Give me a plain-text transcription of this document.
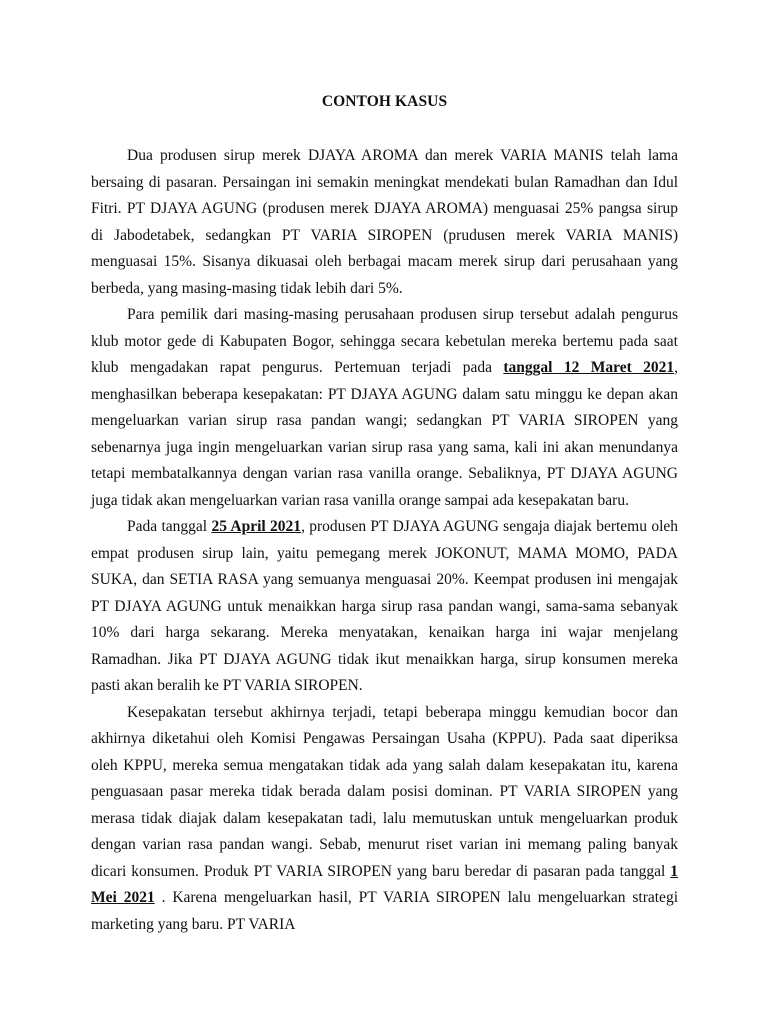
CONTOH KASUS

Dua produsen sirup merek DJAYA AROMA dan merek VARIA MANIS telah lama bersaing di pasaran. Persaingan ini semakin meningkat mendekati bulan Ramadhan dan Idul Fitri. PT DJAYA AGUNG (produsen merek DJAYA AROMA) menguasai 25% pangsa sirup di Jabodetabek, sedangkan PT VARIA SIROPEN (prudusen merek VARIA MANIS) menguasai 15%. Sisanya dikuasai oleh berbagai macam merek sirup dari perusahaan yang berbeda, yang masing-masing tidak lebih dari 5%.

Para pemilik dari masing-masing perusahaan produsen sirup tersebut adalah pengurus klub motor gede di Kabupaten Bogor, sehingga secara kebetulan mereka bertemu pada saat klub mengadakan rapat pengurus. Pertemuan terjadi pada tanggal 12 Maret 2021, menghasilkan beberapa kesepakatan: PT DJAYA AGUNG dalam satu minggu ke depan akan mengeluarkan varian sirup rasa pandan wangi; sedangkan PT VARIA SIROPEN yang sebenarnya juga ingin mengeluarkan varian sirup rasa yang sama, kali ini akan menundanya tetapi membatalkannya dengan varian rasa vanilla orange. Sebaliknya, PT DJAYA AGUNG juga tidak akan mengeluarkan varian rasa vanilla orange sampai ada kesepakatan baru.

Pada tanggal 25 April 2021, produsen PT DJAYA AGUNG sengaja diajak bertemu oleh empat produsen sirup lain, yaitu pemegang merek JOKONUT, MAMA MOMO, PADA SUKA, dan SETIA RASA yang semuanya menguasai 20%. Keempat produsen ini mengajak PT DJAYA AGUNG untuk menaikkan harga sirup rasa pandan wangi, sama-sama sebanyak 10% dari harga sekarang. Mereka menyatakan, kenaikan harga ini wajar menjelang Ramadhan. Jika PT DJAYA AGUNG tidak ikut menaikkan harga, sirup konsumen mereka pasti akan beralih ke PT VARIA SIROPEN.

Kesepakatan tersebut akhirnya terjadi, tetapi beberapa minggu kemudian bocor dan akhirnya diketahui oleh Komisi Pengawas Persaingan Usaha (KPPU). Pada saat diperiksa oleh KPPU, mereka semua mengatakan tidak ada yang salah dalam kesepakatan itu, karena penguasaan pasar mereka tidak berada dalam posisi dominan. PT VARIA SIROPEN yang merasa tidak diajak dalam kesepakatan tadi, lalu memutuskan untuk mengeluarkan produk dengan varian rasa pandan wangi. Sebab, menurut riset varian ini memang paling banyak dicari konsumen. Produk PT VARIA SIROPEN yang baru beredar di pasaran pada tanggal 1 Mei 2021 . Karena mengeluarkan hasil, PT VARIA SIROPEN lalu mengeluarkan strategi marketing yang baru. PT VARIA
